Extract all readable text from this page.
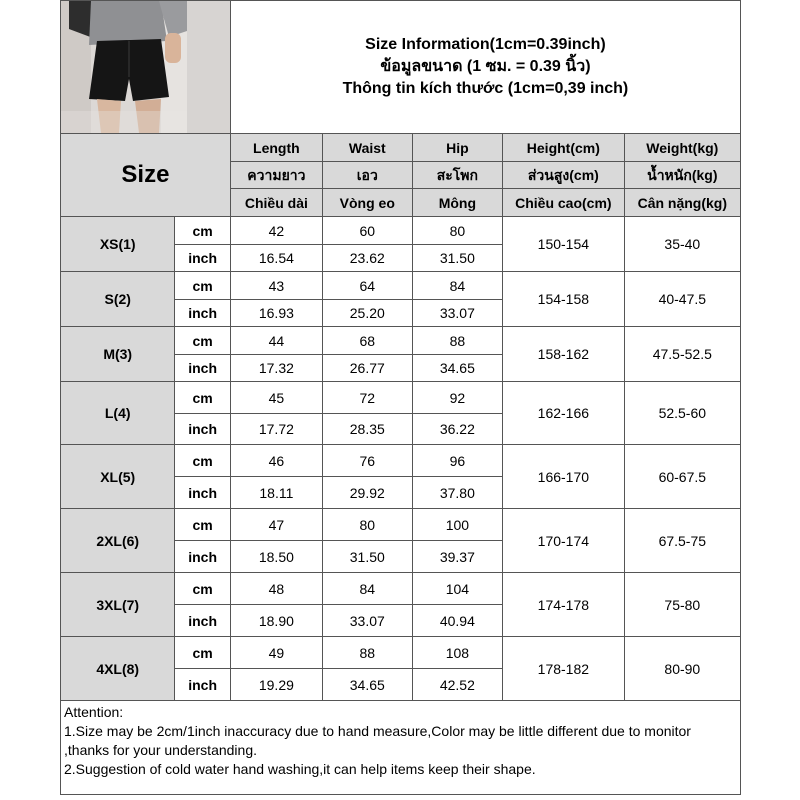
Size Information(1cm=0.39inch)
ข้อมูลขนาด (1 ซม. = 0.39 นิ้ว)
Thông tin kích thước (1cm=0,39 inch)				

Size		Length	Waist	Hip	Height(cm)	Weight(kg)
		ความยาว	เอว	สะโพก	ส่วนสูง(cm)	น้ำหนัก(kg)
		Chiều dài	Vòng eo	Mông	Chiều cao(cm)	Cân nặng(kg)
XS(1)	cm	42	60	80	150-154	35-40
	inch	16.54	23.62	31.50		
S(2)	cm	43	64	84	154-158	40-47.5
	inch	16.93	25.20	33.07		
M(3)	cm	44	68	88	158-162	47.5-52.5
	inch	17.32	26.77	34.65		
L(4)	cm	45	72	92	162-166	52.5-60
	inch	17.72	28.35	36.22		
XL(5)	cm	46	76	96	166-170	60-67.5
	inch	18.11	29.92	37.80		
2XL(6)	cm	47	80	100	170-174	67.5-75
	inch	18.50	31.50	39.37		
3XL(7)	cm	48	84	104	174-178	75-80
	inch	18.90	33.07	40.94		
4XL(8)	cm	49	88	108	178-182	80-90
	inch	19.29	34.65	42.52		

Attention:
1.Size may be 2cm/1inch inaccuracy due to hand measure,Color may be little different due to monitor
,thanks for your understanding.
2.Suggestion of cold water hand washing,it can help items keep their shape.						
